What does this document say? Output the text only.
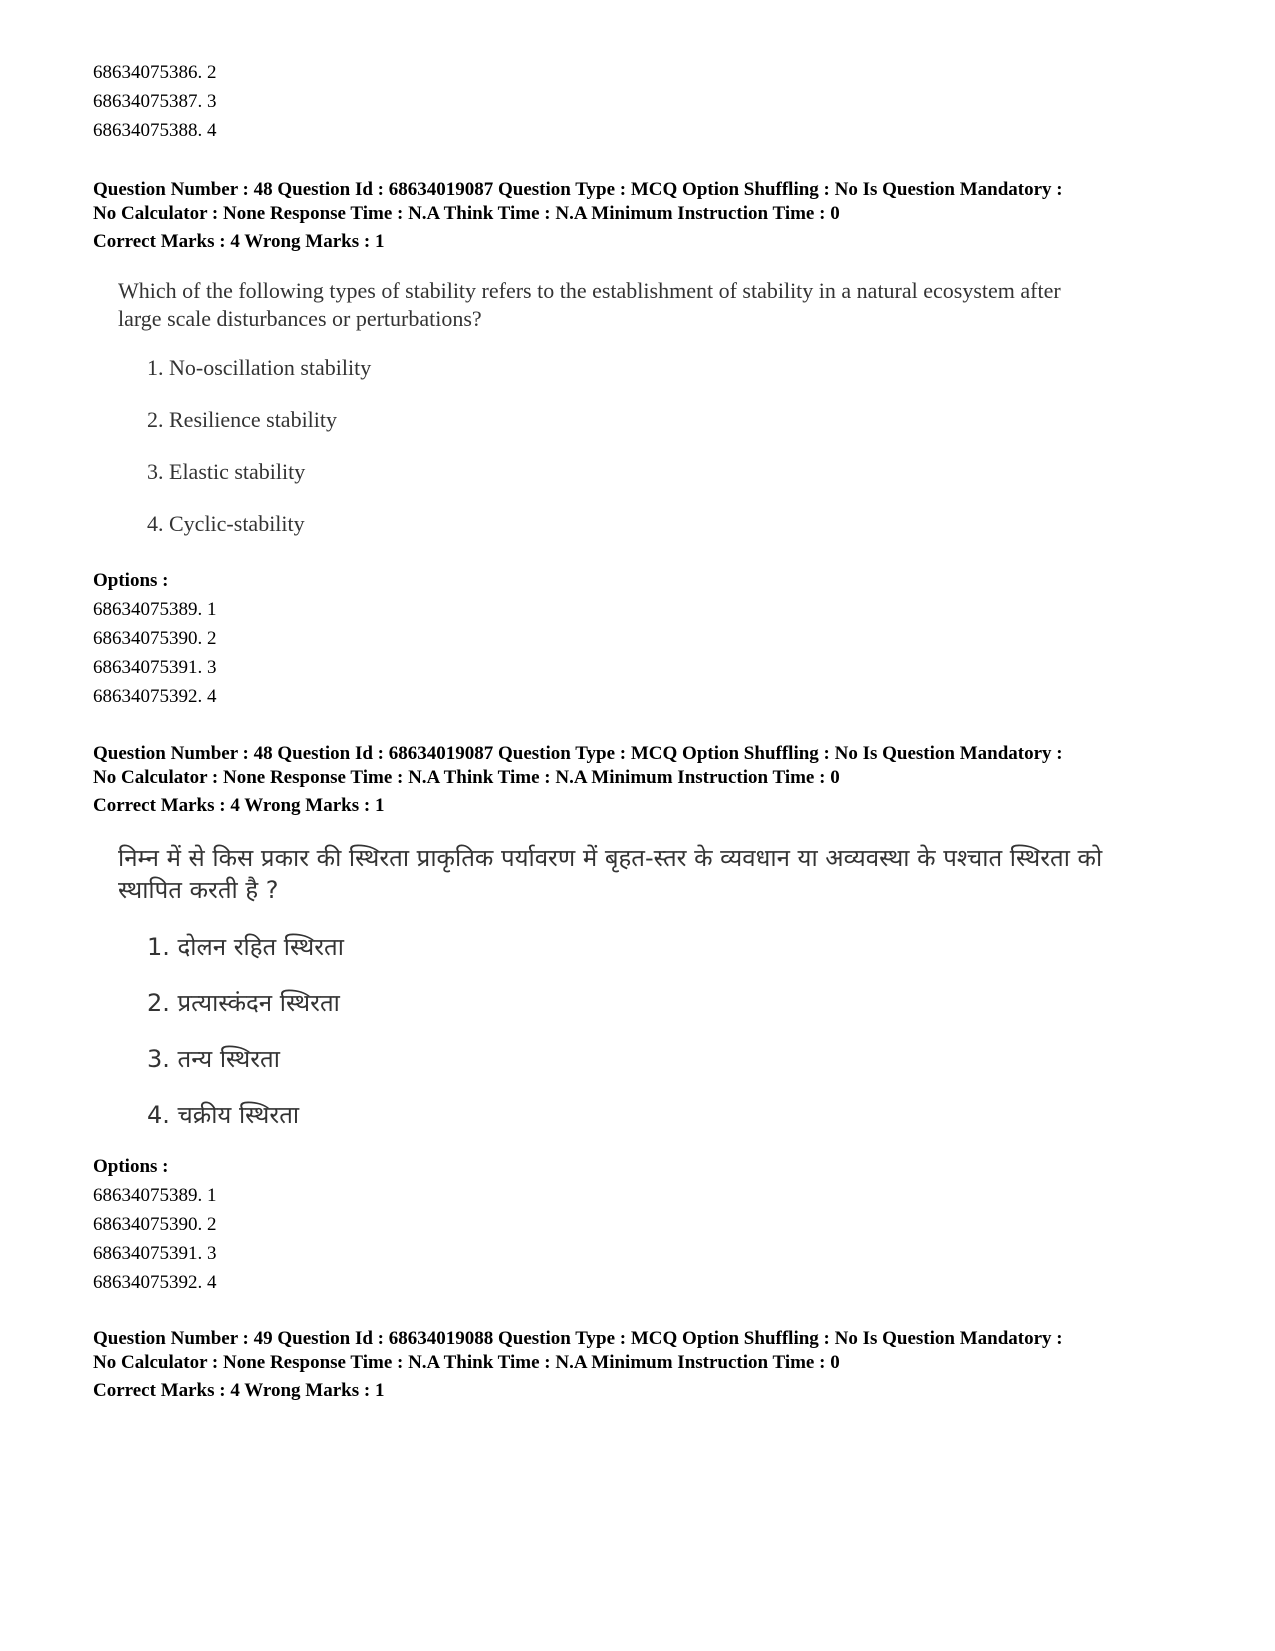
68634075386. 2
68634075387. 3
68634075388. 4
Question Number : 48 Question Id : 68634019087 Question Type : MCQ Option Shuffling : No Is Question Mandatory :
No Calculator : None Response Time : N.A Think Time : N.A Minimum Instruction Time : 0
Correct Marks : 4 Wrong Marks : 1
Which of the following types of stability refers to the establishment of stability in a natural ecosystem after
large scale disturbances or perturbations?
1. No-oscillation stability
2. Resilience stability
3. Elastic stability
4. Cyclic-stability
Options :
68634075389. 1
68634075390. 2
68634075391. 3
68634075392. 4
Question Number : 48 Question Id : 68634019087 Question Type : MCQ Option Shuffling : No Is Question Mandatory :
No Calculator : None Response Time : N.A Think Time : N.A Minimum Instruction Time : 0
Correct Marks : 4 Wrong Marks : 1
निम्न में से किस प्रकार की स्थिरता प्राकृतिक पर्यावरण में बृहत-स्तर के व्यवधान या अव्यवस्था के पश्चात स्थिरता को
स्थापित करती है ?
1. दोलन रहित स्थिरता
2. प्रत्यास्कंदन स्थिरता
3. तन्य स्थिरता
4. चक्रीय स्थिरता
Options :
68634075389. 1
68634075390. 2
68634075391. 3
68634075392. 4
Question Number : 49 Question Id : 68634019088 Question Type : MCQ Option Shuffling : No Is Question Mandatory :
No Calculator : None Response Time : N.A Think Time : N.A Minimum Instruction Time : 0
Correct Marks : 4 Wrong Marks : 1
